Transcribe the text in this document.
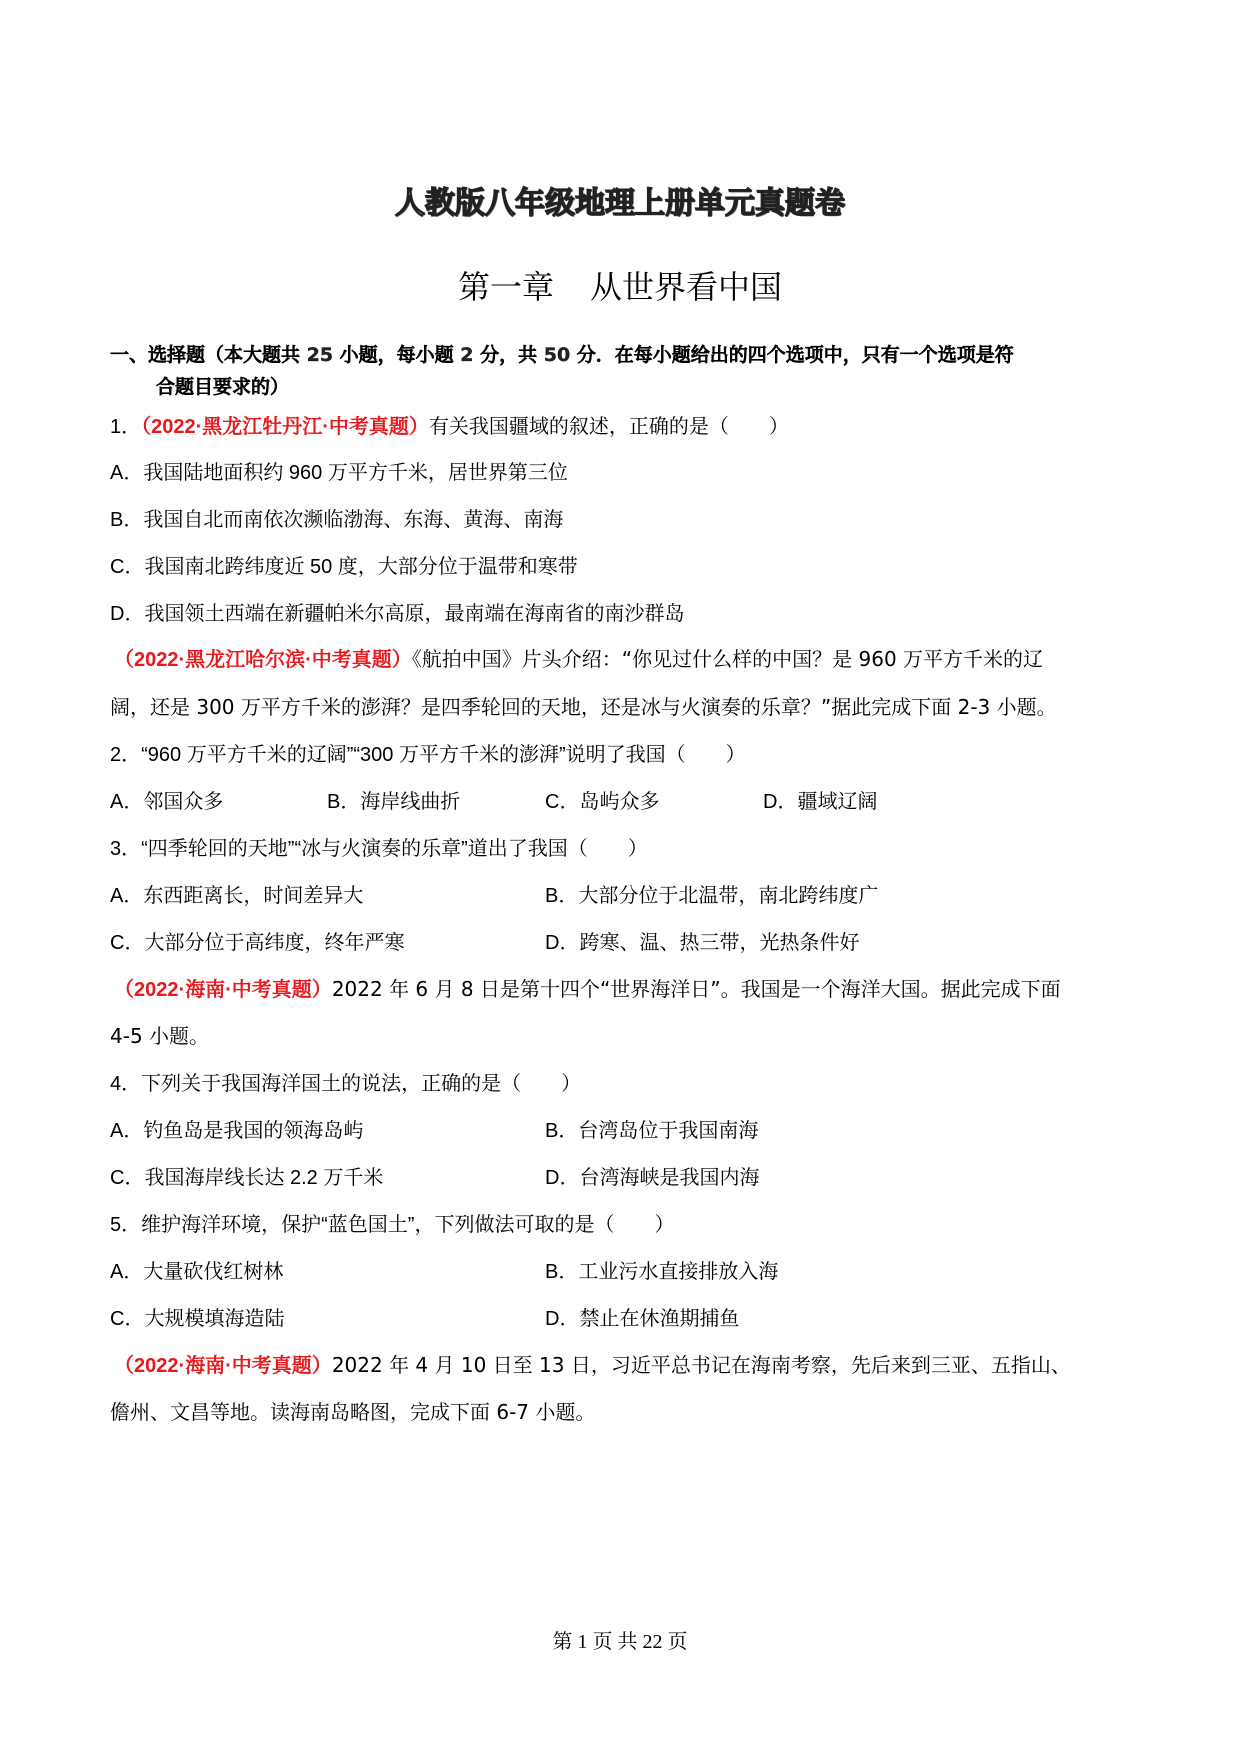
人教版八年级地理上册单元真题卷
第一章 从世界看中国
一、选择题（本大题共 25 小题，每小题 2 分，共 50 分．在每小题给出的四个选项中，只有一个选项是符
合题目要求的）
1．（2022·黑龙江牡丹江·中考真题）有关我国疆域的叙述，正确的是（　　）
A．我国陆地面积约 960 万平方千米，居世界第三位
B．我国自北而南依次濒临渤海、东海、黄海、南海
C．我国南北跨纬度近 50 度，大部分位于温带和寒带
D．我国领土西端在新疆帕米尔高原，最南端在海南省的南沙群岛
（2022·黑龙江哈尔滨·中考真题）《航拍中国》片头介绍：“你见过什么样的中国？是 960 万平方千米的辽
阔，还是 300 万平方千米的澎湃？是四季轮回的天地，还是冰与火演奏的乐章？”据此完成下面 2-3 小题。
2．“960 万平方千米的辽阔”“300 万平方千米的澎湃”说明了我国（　　）
A．邻国众多	B．海岸线曲折	C．岛屿众多	D．疆域辽阔
3．“四季轮回的天地”“冰与火演奏的乐章”道出了我国（　　）
A．东西距离长，时间差异大	B．大部分位于北温带，南北跨纬度广
C．大部分位于高纬度，终年严寒	D．跨寒、温、热三带，光热条件好
（2022·海南·中考真题）2022 年 6 月 8 日是第十四个“世界海洋日”。我国是一个海洋大国。据此完成下面
4-5 小题。
4．下列关于我国海洋国土的说法，正确的是（　　）
A．钓鱼岛是我国的领海岛屿	B．台湾岛位于我国南海
C．我国海岸线长达 2.2 万千米	D．台湾海峡是我国内海
5．维护海洋环境，保护“蓝色国土”，下列做法可取的是（　　）
A．大量砍伐红树林	B．工业污水直接排放入海
C．大规模填海造陆	D．禁止在休渔期捕鱼
（2022·海南·中考真题）2022 年 4 月 10 日至 13 日，习近平总书记在海南考察，先后来到三亚、五指山、
儋州、文昌等地。读海南岛略图，完成下面 6-7 小题。
第 1 页 共 22 页
